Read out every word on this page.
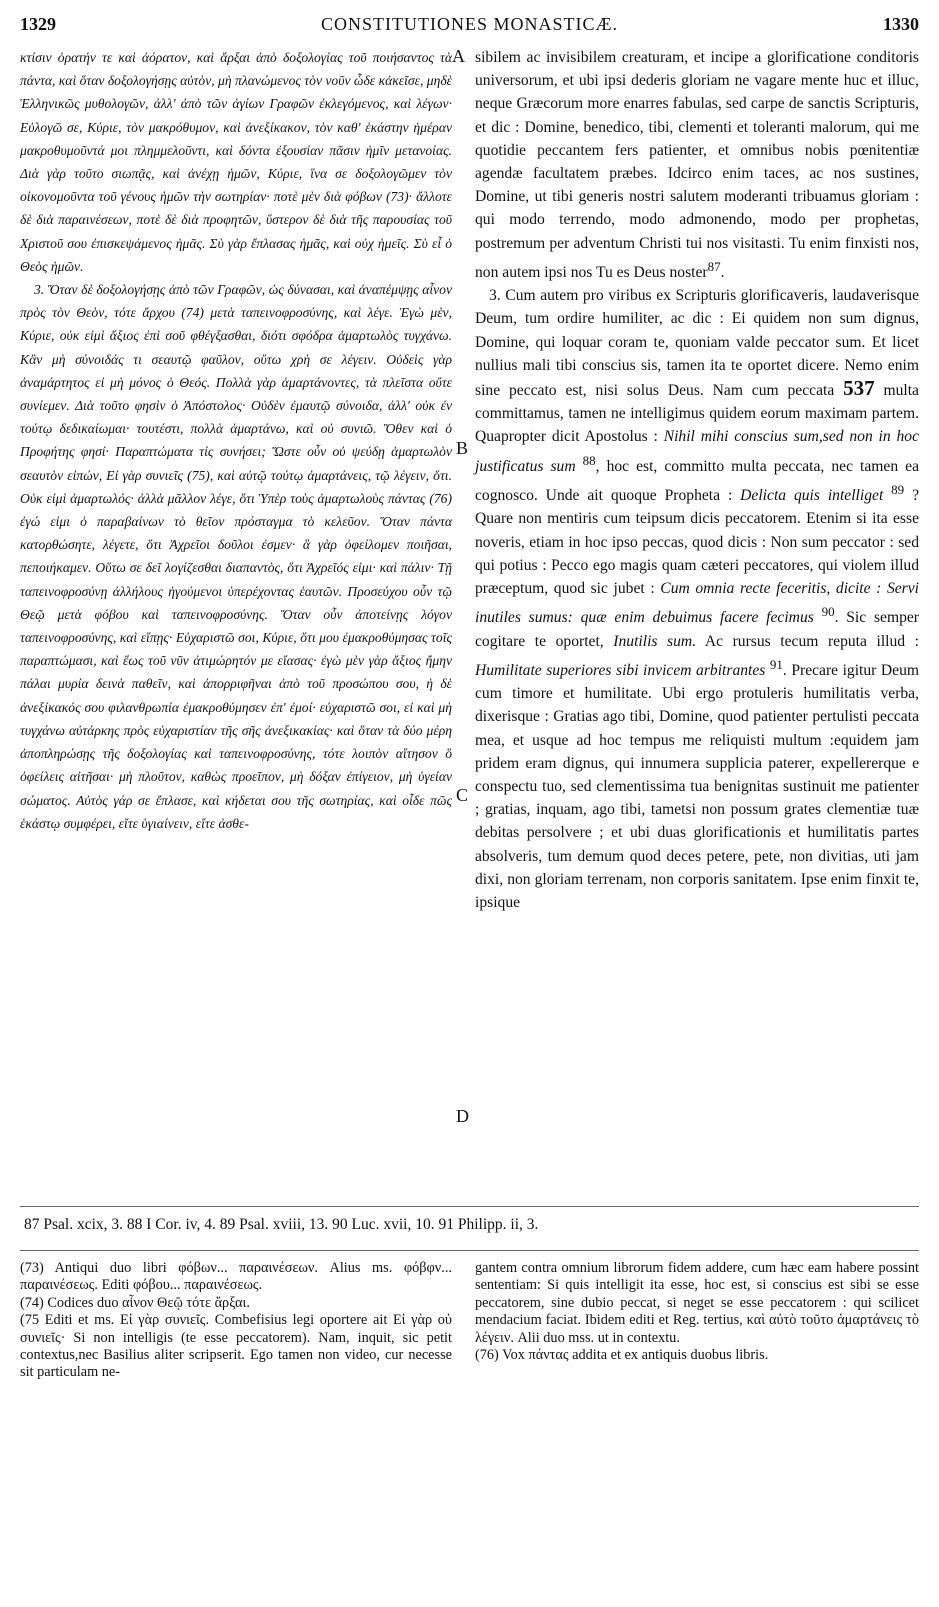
1329	CONSTITUTIONES MONASTICÆ.	1330

κτίσιν ὁρατήν τε καὶ ἀόρατον, καὶ ἄρξαι ἀπὸ δοξολογίας τοῦ ποιήσαντος τὰ πάντα, καὶ ὅταν δοξολογήσῃς αὐτὸν, μὴ πλανώμενος τὸν νοῦν ὧδε κἀκεῖσε, μηδὲ Ἑλληνικῶς μυθολογῶν, ἀλλ' ἀπὸ τῶν ἁγίων Γραφῶν ἐκλεγόμενος, καὶ λέγων· Εὐλογῶ σε, Κύριε, τὸν μακρόθυμον, καὶ ἀνεξίκακον, τὸν καθ' ἑκάστην ἡμέραν μακροθυμοῦντά μοι πλημμελοῦντι, καὶ δόντα ἐξουσίαν πᾶσιν ἡμῖν μετανοίας. Διὰ γὰρ τοῦτο σιωπᾷς, καὶ ἀνέχῃ ἡμῶν, Κύριε, ἵνα σε δοξολογῶμεν τὸν οἰκονομοῦντα τοῦ γένους ἡμῶν τὴν σωτηρίαν· ποτὲ μὲν διὰ φόβων (73)· ἄλλοτε δὲ διὰ παραινέσεων, ποτὲ δὲ διὰ προφητῶν, ὕστερον δὲ διὰ τῆς παρουσίας τοῦ Χριστοῦ σου ἐπισκεψάμενος ἡμᾶς. Σὺ γὰρ ἔπλασας ἡμᾶς, καὶ οὐχ ἡμεῖς. Σὺ εἶ ὁ Θεὸς ἡμῶν.

3. Ὅταν δὲ δοξολογήσῃς ἀπὸ τῶν Γραφῶν, ὡς δύνασαι, καὶ ἀναπέμψῃς αἶνον πρὸς τὸν Θεὸν, τότε ἄρχου (74) μετὰ ταπεινοφροσύνης, καὶ λέγε. Ἐγὼ μὲν, Κύριε, οὐκ εἰμὶ ἄξιος ἐπὶ σοῦ φθέγξασθαι, διότι σφόδρα ἁμαρτωλὸς τυγχάνω. Κἂν μὴ σύνοιδάς τι σεαυτῷ φαῦλον, οὕτω χρὴ σε λέγειν. Οὐδεὶς γὰρ ἀναμάρτητος εἰ μὴ μόνος ὁ Θεός. Πολλὰ γὰρ ἁμαρτάνοντες, τὰ πλεῖστα οὔτε συνίεμεν. Διὰ τοῦτο φησὶν ὁ Ἀπόστολος· Οὐδὲν ἐμαυτῷ σύνοιδα, ἀλλ' οὐκ ἐν τούτῳ δεδικαίωμαι· τουτέστι, πολλὰ ἁμαρτάνω, καὶ οὐ συνιῶ. Ὅθεν καὶ ὁ Προφήτης φησί· Παραπτώματα τίς συνήσει; Ὥστε οὖν οὐ ψεύδῃ ἁμαρτωλὸν σεαυτὸν εἰπών, Εἰ γὰρ συνιεῖς (75), καὶ αὐτῷ τούτῳ ἁμαρτάνεις, τῷ λέγειν, ὅτι. Οὐκ εἰμὶ ἁμαρτωλός· ἀλλὰ μᾶλλον λέγε, ὅτι Ὑπὲρ τοὺς ἁμαρτωλοὺς πάντας (76) ἐγώ εἰμι ὁ παραβαίνων τὸ θεῖον πρόσταγμα τὸ κελεῦον. Ὅταν πάντα κατορθώσητε, λέγετε, ὅτι Ἀχρεῖοι δοῦλοι ἐσμεν· ἃ γὰρ ὀφείλομεν ποιῆσαι, πεποιήκαμεν. Οὕτω σε δεῖ λογίζεσθαι διαπαντὸς, ὅτι Ἀχρεῖός εἰμι· καὶ πάλιν· Τῇ ταπεινοφροσύνῃ ἀλλήλους ἡγούμενοι ὑπερέχοντας ἑαυτῶν. Προσεύχου οὖν τῷ Θεῷ μετὰ φόβου καὶ ταπεινοφροσύνης. Ὅταν οὖν ἀποτείνῃς λόγον ταπεινοφροσύνης, καὶ εἴπῃς· Εὐχαριστῶ σοι, Κύριε, ὅτι μου ἐμακροθύμησας τοῖς παραπτώμασι, καὶ ἕως τοῦ νῦν ἀτιμώρητόν με εἴασας· ἐγὼ μὲν γὰρ ἄξιος ἤμην πάλαι μυρία δεινὰ παθεῖν, καὶ ἀπορριφῆναι ἀπὸ τοῦ προσώπου σου, ἡ δὲ ἀνεξίκακός σου φιλανθρωπία ἐμακροθύμησεν ἐπ' ἐμοί· εὐχαριστῶ σοι, εἰ καὶ μὴ τυγχάνω αὐτάρκης πρὸς εὐχαριστίαν τῆς σῆς ἀνεξικακίας· καὶ ὅταν τὰ δύο μέρη ἀποπληρώσῃς τῆς δοξολογίας καὶ ταπεινοφροσύνης, τότε λοιπὸν αἴτησον ὃ ὀφείλεις αἰτῆσαι· μὴ πλοῦτον, καθὼς προεῖπον, μὴ δόξαν ἐπίγειον, μὴ ὑγείαν σώματος. Αὐτὸς γάρ σε ἔπλασε, καὶ κήδεται σου τῆς σωτηρίας, καὶ οἶδε πῶς ἑκάστῳ συμφέρει, εἴτε ὑγιαίνειν, εἴτε ἀσθε-

A
B
C
D

sibilem ac invisibilem creaturam, et incipe a glorificatione conditoris universorum, et ubi ipsi dederis gloriam ne vagare mente huc et illuc, neque Græcorum more enarres fabulas, sed carpe de sanctis Scripturis, et dic : Domine, benedico, tibi, clementi et toleranti malorum, qui me quotidie peccantem fers patienter, et omnibus nobis pœnitentiæ agendæ facultatem præbes. Idcirco enim taces, ac nos sustines, Domine, ut tibi generis nostri salutem moderanti tribuamus gloriam : qui modo terrendo, modo admonendo, modo per prophetas, postremum per adventum Christi tui nos visitasti. Tu enim finxisti nos, non autem ipsi nos Tu es Deus noster$^{87}$.

3. Cum autem pro viribus ex Scripturis glorificaveris, laudaverisque Deum, tum ordire humiliter, ac dic : Ei quidem non sum dignus, Domine, qui loquar coram te, quoniam valde peccator sum. Et licet nullius mali tibi conscius sis, tamen ita te oportet dicere. Nemo enim sine peccato est, nisi solus Deus. Nam cum peccata 537 multa committamus, tamen ne intelligimus quidem eorum maximam partem. Quapropter dicit Apostolus : Nihil mihi conscius sum,sed non in hoc justificatus sum $^{88}$, hoc est, committo multa peccata, nec tamen ea cognosco. Unde ait quoque Propheta : Delicta quis intelliget $^{89}$ ? Quare non mentiris cum teipsum dicis peccatorem. Etenim si ita esse noveris, etiam in hoc ipso peccas, quod dicis : Non sum peccator : sed qui potius : Pecco ego magis quam cæteri peccatores, qui violem illud præceptum, quod sic jubet : Cum omnia recte feceritis, dicite : Servi inutiles sumus: quæ enim debuimus facere fecimus $^{90}$. Sic semper cogitare te oportet, Inutilis sum. Ac rursus tecum reputa illud : Humilitate superiores sibi invicem arbitrantes $^{91}$. Precare igitur Deum cum timore et humilitate. Ubi ergo protuleris humilitatis verba, dixerisque : Gratias ago tibi, Domine, quod patienter pertulisti peccata mea, et usque ad hoc tempus me reliquisti multum :equidem jam pridem eram dignus, qui innumera supplicia paterer, expellererque e conspectu tuo, sed clementissima tua benignitas sustinuit me patienter ; gratias, inquam, ago tibi, tametsi non possum grates clementiæ tuæ debitas persolvere ; et ubi duas glorificationis et humilitatis partes absolveris, tum demum quod deces petere, pete, non divitias, uti jam dixi, non gloriam terrenam, non corporis sanitatem. Ipse enim finxit te, ipsique

87 Psal. xcix, 3. 88 I Cor. iv, 4. 89 Psal. xviii, 13. 90 Luc. xvii, 10. 91 Philipp. ii, 3.

(73) Antiqui duo libri φόβων... παραινέσεων. Alius ms. φόβφν... παραινέσεως. Editi φόβου... παραινέσεως.

(74) Codices duo αἶνον Θεῷ τότε ἄρξαι.

(75 Editi et ms. Εἰ γὰρ συνιεῖς. Combefisius legi oportere ait Εἰ γὰρ οὐ συνιεῖς· Si non intelligis (te esse peccatorem). Nam, inquit, sic petit contextus,nec Basilius aliter scripserit. Ego tamen non video, cur necesse sit particulam ne-

gantem contra omnium librorum fidem addere, cum hæc eam habere possint sententiam: Si quis intelligit ita esse, hoc est, si conscius est sibi se esse peccatorem, sine dubio peccat, si neget se esse peccatorem : qui scilicet mendacium faciat. Ibidem editi et Reg. tertius, καὶ αὐτὸ τοῦτο ἁμαρτάνεις τὸ λέγειν. Alii duo mss. ut in contextu.

(76) Vox πάντας addita et ex antiquis duobus libris.
